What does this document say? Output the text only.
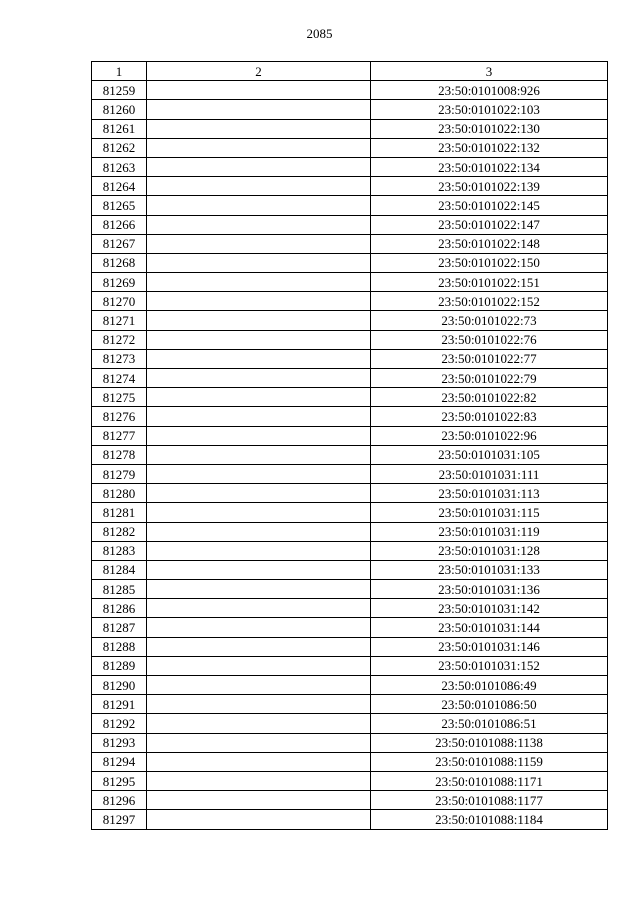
2085
1	2	3
81259		23:50:0101008:926
81260		23:50:0101022:103
81261		23:50:0101022:130
81262		23:50:0101022:132
81263		23:50:0101022:134
81264		23:50:0101022:139
81265		23:50:0101022:145
81266		23:50:0101022:147
81267		23:50:0101022:148
81268		23:50:0101022:150
81269		23:50:0101022:151
81270		23:50:0101022:152
81271		23:50:0101022:73
81272		23:50:0101022:76
81273		23:50:0101022:77
81274		23:50:0101022:79
81275		23:50:0101022:82
81276		23:50:0101022:83
81277		23:50:0101022:96
81278		23:50:0101031:105
81279		23:50:0101031:111
81280		23:50:0101031:113
81281		23:50:0101031:115
81282		23:50:0101031:119
81283		23:50:0101031:128
81284		23:50:0101031:133
81285		23:50:0101031:136
81286		23:50:0101031:142
81287		23:50:0101031:144
81288		23:50:0101031:146
81289		23:50:0101031:152
81290		23:50:0101086:49
81291		23:50:0101086:50
81292		23:50:0101086:51
81293		23:50:0101088:1138
81294		23:50:0101088:1159
81295		23:50:0101088:1171
81296		23:50:0101088:1177
81297		23:50:0101088:1184
